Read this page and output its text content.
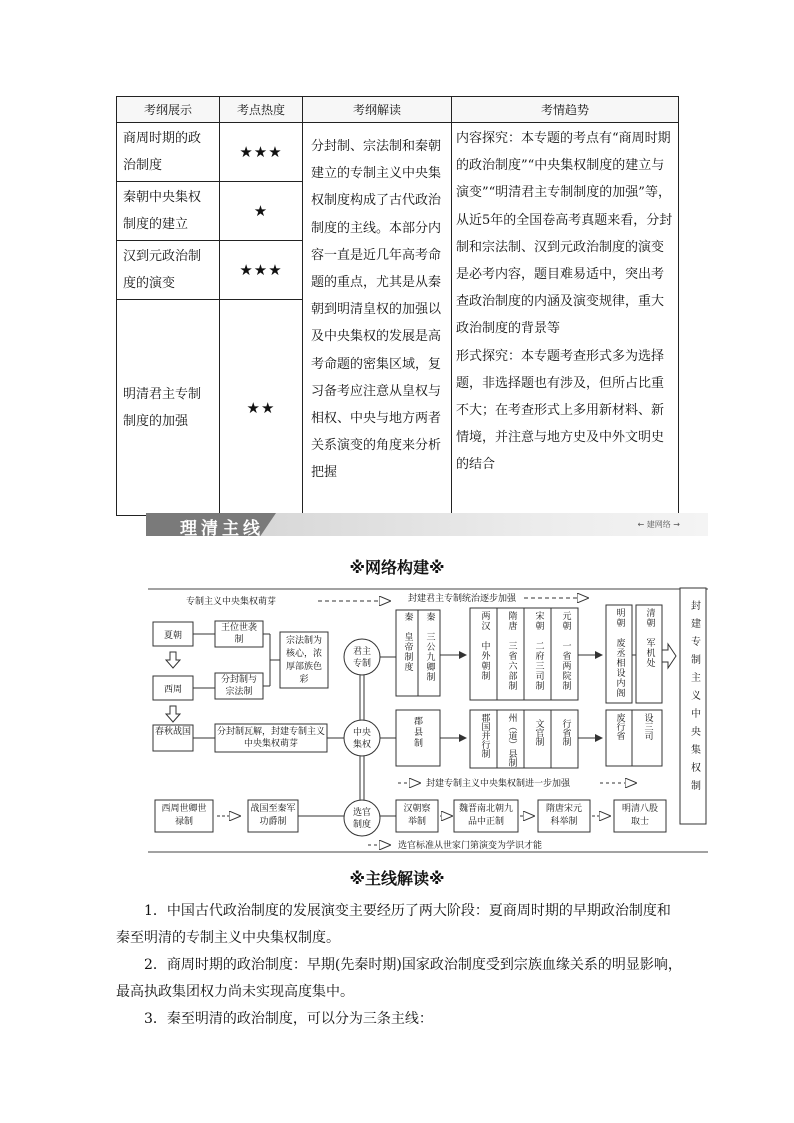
考纲展示	考点热度	考纲解读	考情趋势
商周时期的政治制度	★★★	分封制、宗法制和秦朝建立的专制主义中央集权制度构成了古代政治制度的主线。本部分内容一直是近几年高考命题的重点，尤其是从秦朝到明清皇权的加强以及中央集权的发展是高考命题的密集区域，复习备考应注意从皇权与相权、中央与地方两者关系演变的角度来分析把握	内容探究：本专题的考点有“商周时期的政治制度”“中央集权制度的建立与演变”“明清君主专制制度的加强”等，从近5年的全国卷高考真题来看，分封制和宗法制、汉到元政治制度的演变是必考内容，题目难易适中，突出考查政治制度的内涵及演变规律，重大政治制度的背景等
形式探究：本专题考查形式多为选择题，非选择题也有涉及，但所占比重不大；在考查形式上多用新材料、新情境，并注意与地方史及中外文明史的结合

秦朝中央集权制度的建立	★		
汉到元政治制度的演变	★★★		
明清君主专制制度的加强	★★		
理清主线	← 建网络 →
※网络构建※
专制主义中央集权萌芽	封建君主专制统治逐步加强
夏朝
西周
春秋战国
王位世袭制
分封制与宗法制
宗法制为核心，浓厚部族色彩
分封制瓦解，封建专制主义中央集权萌芽
君主
专制
中央
集权
选官
制度
秦　皇帝制度
秦　三公九卿制
郡县制
两汉　中外朝制
隋唐　三省六部制
宋朝　二府三司制
元朝　一省两院制
郡国并行制 州（道）县制 文官制 行省制
明朝　废丞相设内阁
清朝　军机处
废行省 设三司	封建专制主义中央集权制
封建专制主义中央集权制进一步加强
西周世卿世禄制
战国至秦军功爵制
汉朝察举制
魏晋南北朝九品中正制
隋唐宋元科举制
明清八股取士
选官标准从世家门第演变为学识才能
※主线解读※

1．中国古代政治制度的发展演变主要经历了两大阶段：夏商周时期的早期政治制度和秦至明清的专制主义中央集权制度。

2．商周时期的政治制度：早期(先秦时期)国家政治制度受到宗族血缘关系的明显影响，最高执政集团权力尚未实现高度集中。

3．秦至明清的政治制度，可以分为三条主线：
